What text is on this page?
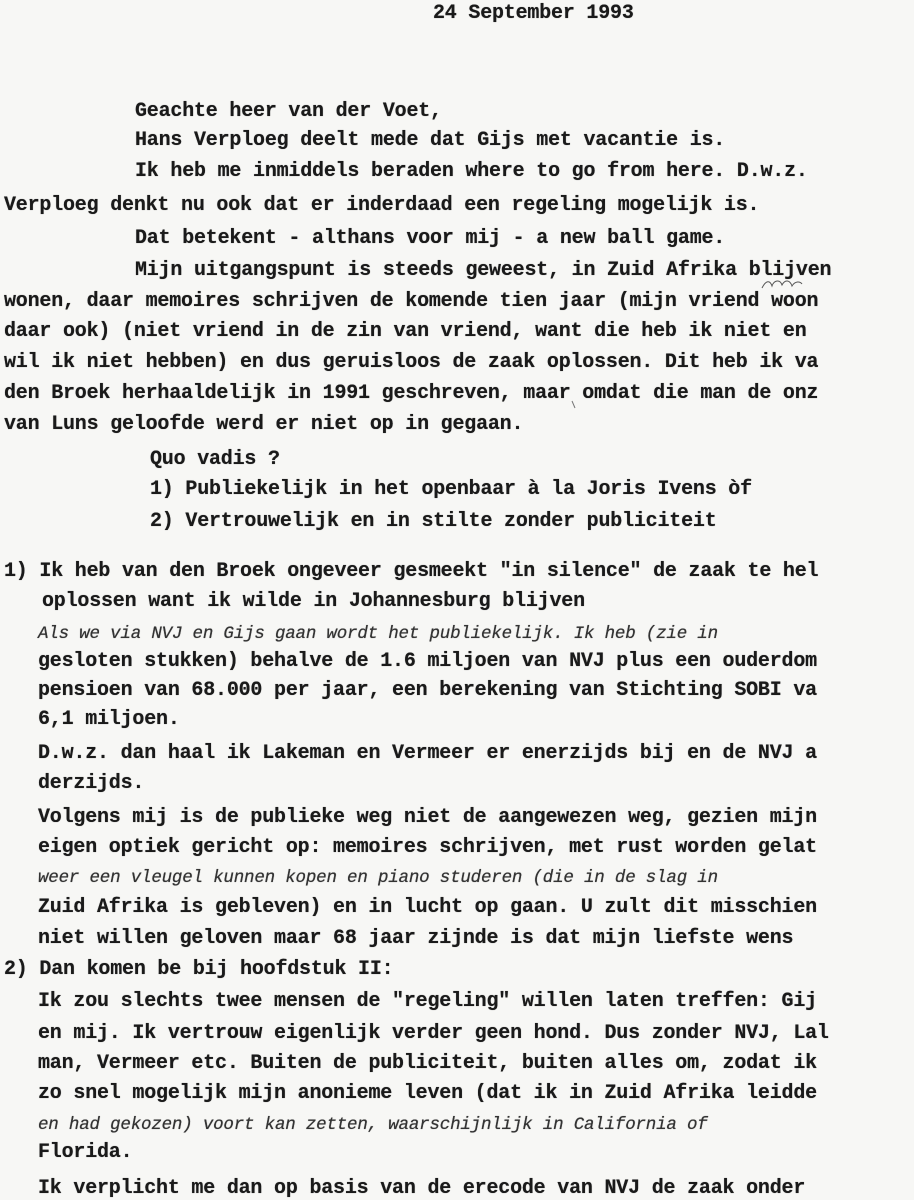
24 September 1993
Geachte heer van der Voet,
Hans Verploeg deelt mede dat Gijs met vacantie is.
Ik heb me inmiddels beraden where to go from here. D.w.z.
Verploeg denkt nu ook dat er inderdaad een regeling mogelijk is.
Dat betekent - althans voor mij - a new ball game.
Mijn uitgangspunt is steeds geweest, in Zuid Afrika blijven
wonen, daar memoires schrijven de komende tien jaar (mijn vriend woon
daar ook) (niet vriend in de zin van vriend, want die heb ik niet en
wil ik niet hebben) en dus geruisloos de zaak oplossen. Dit heb ik va
den Broek herhaaldelijk in 1991 geschreven, maar omdat die man de onz
van Luns geloofde werd er niet op in gegaan.
Quo vadis ?
1) Publiekelijk in het openbaar à la Joris Ivens òf
2) Vertrouwelijk en in stilte zonder publiciteit
1) Ik heb van den Broek ongeveer gesmeekt "in silence" de zaak te hel
oplossen want ik wilde in Johannesburg blijven
Als we via NVJ en Gijs gaan wordt het publiekelijk. Ik heb (zie in
gesloten stukken) behalve de 1.6 miljoen van NVJ plus een ouderdom
pensioen van 68.000 per jaar, een berekening van Stichting SOBI va
6,1 miljoen.
D.w.z. dan haal ik Lakeman en Vermeer er enerzijds bij en de NVJ a
derzijds.
Volgens mij is de publieke weg niet de aangewezen weg, gezien mijn
eigen optiek gericht op: memoires schrijven, met rust worden gelat
weer een vleugel kunnen kopen en piano studeren (die in de slag in
Zuid Afrika is gebleven) en in lucht op gaan. U zult dit misschien
niet willen geloven maar 68 jaar zijnde is dat mijn liefste wens
2) Dan komen be bij hoofdstuk II:
Ik zou slechts twee mensen de "regeling" willen laten treffen: Gij
en mij. Ik vertrouw eigenlijk verder geen hond. Dus zonder NVJ, Lal
man, Vermeer etc. Buiten de publiciteit, buiten alles om, zodat ik
zo snel mogelijk mijn anonieme leven (dat ik in Zuid Afrika leidde
en had gekozen) voort kan zetten, waarschijnlijk in California of
Florida.
Ik verplicht me dan op basis van de erecode van NVJ de zaak onder
